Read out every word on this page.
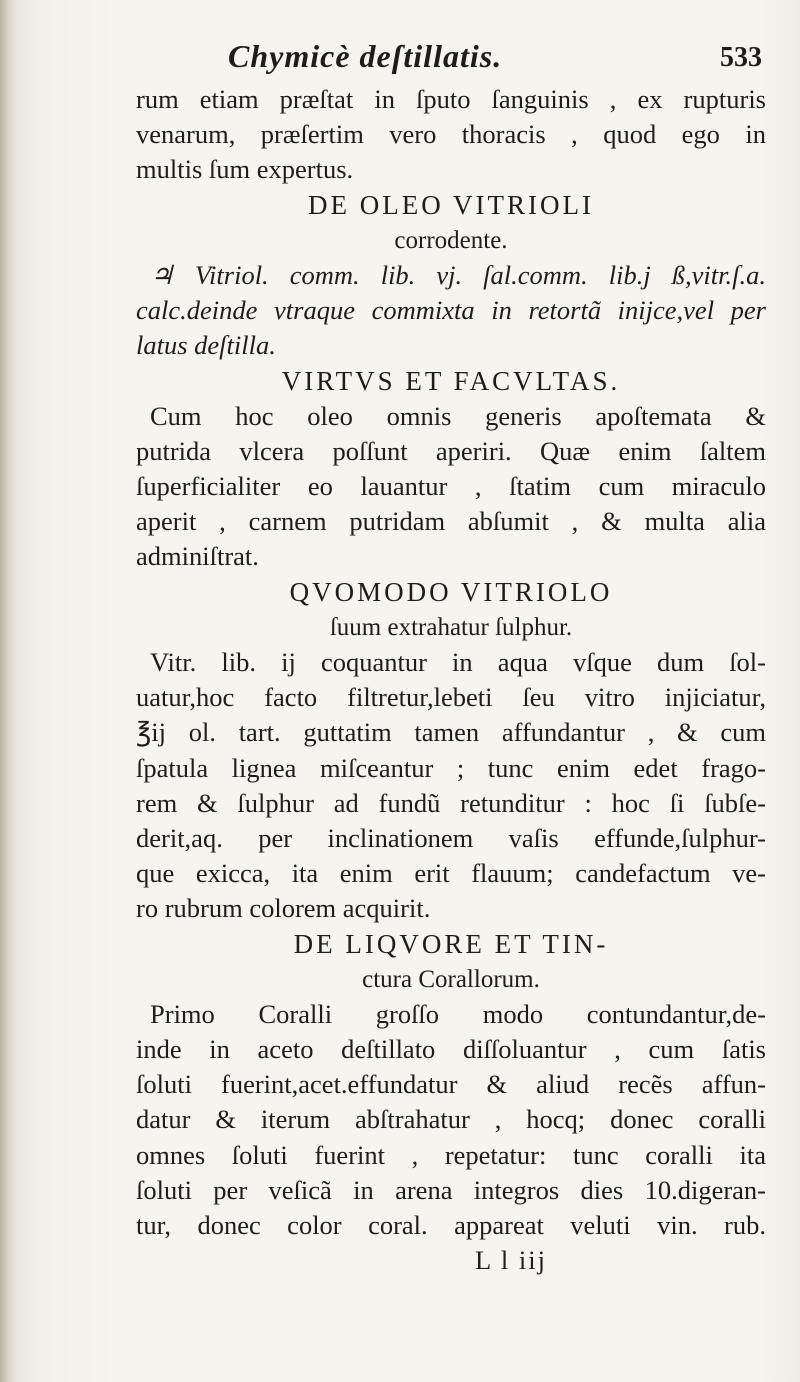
Chymicè deſtillatis.	533
rum etiam præſtat in ſputo ſanguinis , ex rupturis
venarum, præſertim vero thoracis , quod ego in
multis ſum expertus.
DE OLEO VITRIOLI
corrodente.
♃ Vitriol. comm. lib. vj. ſal.comm. lib.j ß,vitr.ſ.a.
calc.deinde vtraque commixta in retortã inijce,vel per
latus deſtilla.
VIRTVS ET FACVLTAS.
Cum hoc oleo omnis generis apoſtemata &
putrida vlcera poſſunt aperiri. Quæ enim ſaltem
ſuperficialiter eo lauantur , ſtatim cum miraculo
aperit , carnem putridam abſumit , & multa alia
adminiſtrat.
QVOMODO VITRIOLO
ſuum extrahatur ſulphur.
Vitr. lib. ij coquantur in aqua vſque dum ſol-
uatur,hoc facto filtretur,lebeti ſeu vitro injiciatur,
℥ij ol. tart. guttatim tamen affundantur , & cum
ſpatula lignea miſceantur ; tunc enim edet frago-
rem & ſulphur ad fundũ retunditur : hoc ſi ſubſe-
derit,aq. per inclinationem vaſis effunde,ſulphur-
que exicca, ita enim erit flauum; candefactum ve-
ro rubrum colorem acquirit.
DE LIQVORE ET TIN-
ctura Corallorum.
Primo Coralli groſſo modo contundantur,de-
inde in aceto deſtillato diſſoluantur , cum ſatis
ſoluti fuerint,acet.effundatur & aliud recẽs affun-
datur & iterum abſtrahatur , hocq; donec coralli
omnes ſoluti fuerint , repetatur: tunc coralli ita
ſoluti per veſicã in arena integros dies 10.digeran-
tur, donec color coral. appareat veluti vin. rub.
L l iij
